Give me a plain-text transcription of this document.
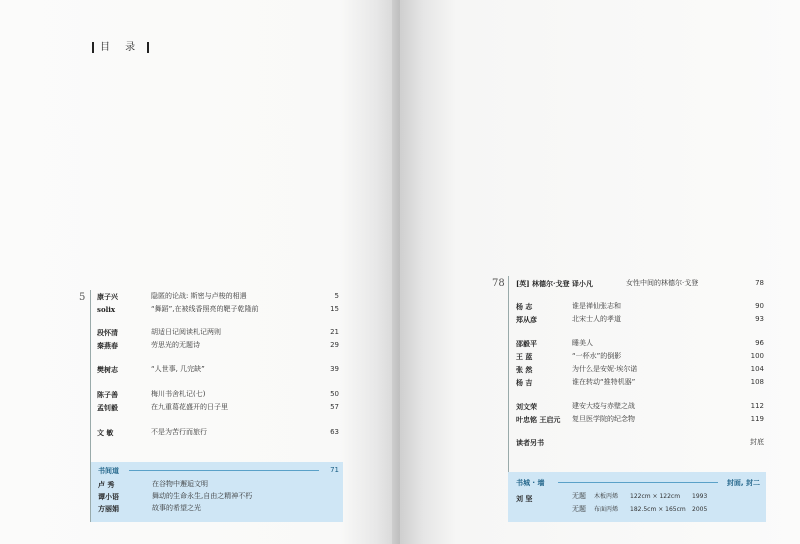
目 录
5 康子兴	隐匿的论战: 斯密与卢梭的相遇	5
solix	“舞蹈”,在被线香照亮的靶子乾隆前	15
段怀清	胡适日记阅读札记两则	21
秦燕春	劳思光的无题诗	29
樊树志	“人世事, 几完缺”	39
陈子善	梅川书舍札记(七)	50
孟钊毅	在九重葛花盛开的日子里	57
文 敏	不是为苦行而旅行	63
书间道	71
卢 秀	在谷物中邂逅文明
谭小语	舞动的生命永生,自由之精神不朽
方丽娟	故事的希望之光
78 [英] 林德尔·戈登 译小凡	女性中间的林德尔·戈登	78
杨 志	谁是禅仙张志和	90
郑从彦	北宋士人的孝道	93
邵毅平	睡美人	96
王 蓝	“一杯水”的倒影	100
张 然	为什么是安妮·埃尔诺	104
杨 吉	谁在转动“推特机器”	108
刘文荣	建安大疫与赤壁之战	112
叶忠铭 王启元 复旦医学院的纪念物	119
读者另书	封底
书城 · 墙	封面, 封二
刘 坚	无题 木板丙烯 122cm × 122cm 1993
无题 布面丙烯 182.5cm × 165cm 2005
